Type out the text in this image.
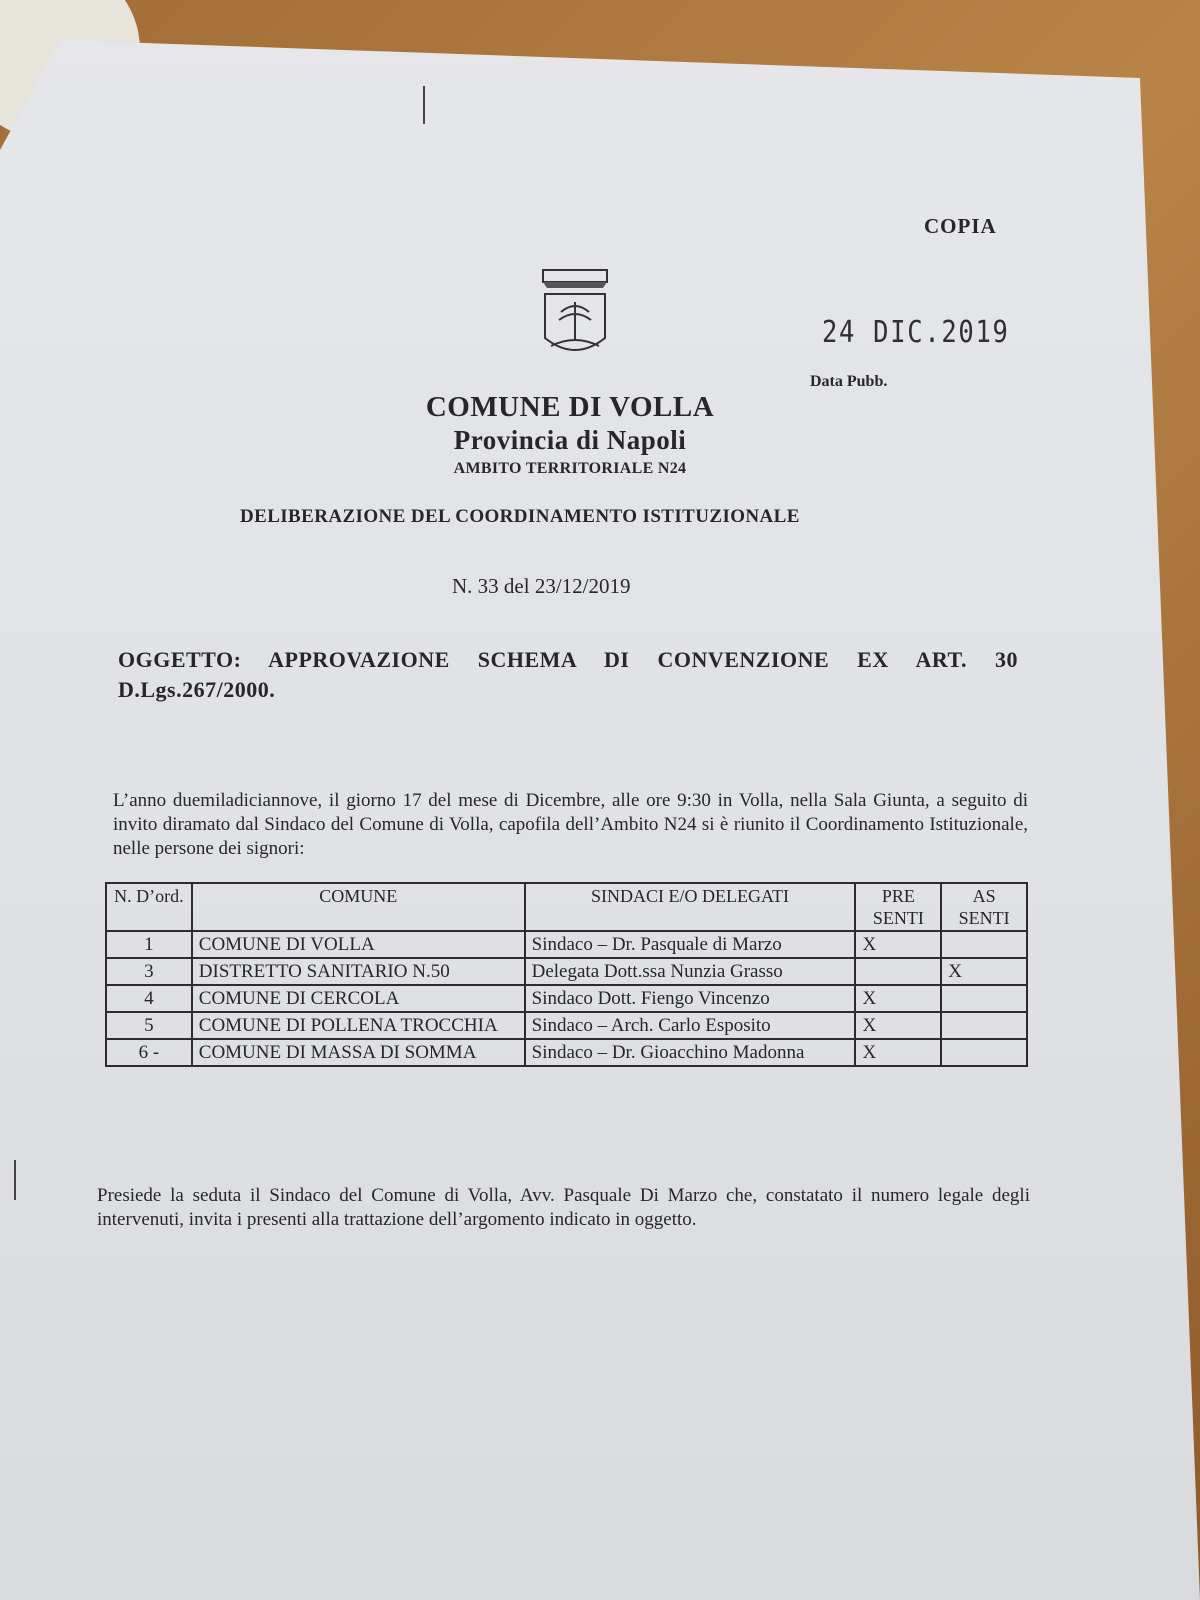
COPIA
24 DIC.2019
Data Pubb.
COMUNE DI VOLLA
Provincia di Napoli
AMBITO TERRITORIALE N24
DELIBERAZIONE DEL COORDINAMENTO ISTITUZIONALE
N. 33 del 23/12/2019
OGGETTO: APPROVAZIONE SCHEMA DI CONVENZIONE EX ART. 30 D.Lgs.267/2000.
L’anno duemiladiciannove, il giorno 17 del mese di Dicembre, alle ore 9:30 in Volla, nella Sala Giunta, a seguito di invito diramato dal Sindaco del Comune di Volla, capofila dell’Ambito N24 si è riunito il Coordinamento Istituzionale, nelle persone dei signori:
N. D’ord.	COMUNE	SINDACI E/O DELEGATI	PRE SENTI	AS SENTI
1	COMUNE DI VOLLA	Sindaco – Dr. Pasquale di Marzo	X	
3	DISTRETTO SANITARIO N.50	Delegata Dott.ssa Nunzia Grasso		X
4	COMUNE DI CERCOLA	Sindaco Dott. Fiengo Vincenzo	X	
5	COMUNE DI POLLENA TROCCHIA	Sindaco – Arch. Carlo Esposito	X	
6 -	COMUNE DI MASSA DI SOMMA	Sindaco – Dr. Gioacchino Madonna	X	
Presiede la seduta il Sindaco del Comune di Volla, Avv. Pasquale Di Marzo che, constatato il numero legale degli intervenuti, invita i presenti alla trattazione dell’argomento indicato in oggetto.
